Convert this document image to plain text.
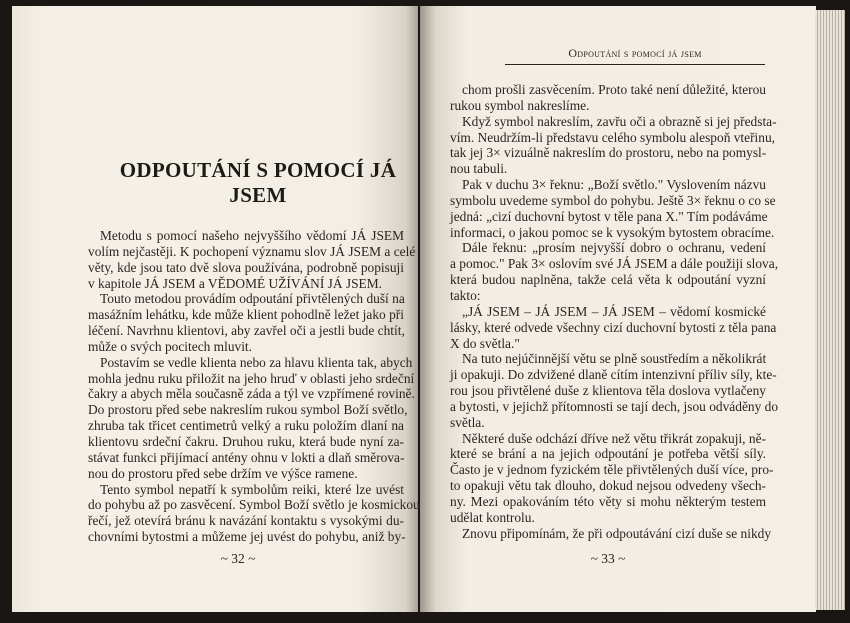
ODPOUTÁNÍ S POMOCÍ JÁ JSEM
Metodu s pomocí našeho nejvyššího vědomí JÁ JSEM
volím nejčastěji. K pochopení významu slov JÁ JSEM a celé
věty, kde jsou tato dvě slova používána, podrobně popisuji
v kapitole JÁ JSEM a VĚDOMÉ UŽÍVÁNÍ JÁ JSEM.
Touto metodou provádím odpoutání přivtělených duší na
masážním lehátku, kde může klient pohodlně ležet jako při
léčení. Navrhnu klientovi, aby zavřel oči a jestli bude chtít,
může o svých pocitech mluvit.
Postavím se vedle klienta nebo za hlavu klienta tak, abych
mohla jednu ruku přiložit na jeho hruď v oblasti jeho srdeční
čakry a abych měla současně záda a týl ve vzpřímené rovině.
Do prostoru před sebe nakreslím rukou symbol Boží světlo,
zhruba tak třicet centimetrů velký a ruku položím dlaní na
klientovu srdeční čakru. Druhou ruku, která bude nyní za-
stávat funkci přijímací antény ohnu v lokti a dlaň směrova-
nou do prostoru před sebe držím ve výšce ramene.
Tento symbol nepatří k symbolům reiki, které lze uvést
do pohybu až po zasvěcení. Symbol Boží světlo je kosmickou
řečí, jež otevírá bránu k navázání kontaktu s vysokými du-
chovními bytostmi a můžeme jej uvést do pohybu, aniž by-
~ 32 ~
Odpoutání s pomocí já jsem
chom prošli zasvěcením. Proto také není důležité, kterou
rukou symbol nakreslíme.
Když symbol nakreslím, zavřu oči a obrazně si jej předsta-
vím. Neudržím-li představu celého symbolu alespoň vteřinu,
tak jej 3× vizuálně nakreslím do prostoru, nebo na pomysl-
nou tabuli.
Pak v duchu 3× řeknu: „Boží světlo." Vyslovením názvu
symbolu uvedeme symbol do pohybu. Ještě 3× řeknu o co se
jedná: „cizí duchovní bytost v těle pana X." Tím podáváme
informaci, o jakou pomoc se k vysokým bytostem obracíme.
Dále řeknu: „prosím nejvyšší dobro o ochranu, vedení
a pomoc." Pak 3× oslovím své JÁ JSEM a dále použiji slova,
která budou naplněna, takže celá věta k odpoutání vyzní
takto:
„JÁ JSEM – JÁ JSEM – JÁ JSEM – vědomí kosmické
lásky, které odvede všechny cizí duchovní bytosti z těla pana
X do světla."
Na tuto nejúčinnější větu se plně soustředím a několikrát
ji opakuji. Do zdvižené dlaně cítím intenzivní příliv síly, kte-
rou jsou přivtělené duše z klientova těla doslova vytlačeny
a bytosti, v jejichž přítomnosti se tají dech, jsou odváděny do
světla.
Některé duše odchází dříve než větu třikrát zopakuji, ně-
které se brání a na jejich odpoutání je potřeba větší síly.
Často je v jednom fyzickém těle přivtělených duší více, pro-
to opakuji větu tak dlouho, dokud nejsou odvedeny všech-
ny. Mezi opakováním této věty si mohu některým testem
udělat kontrolu.
Znovu připomínám, že při odpoutávání cizí duše se nikdy
~ 33 ~
